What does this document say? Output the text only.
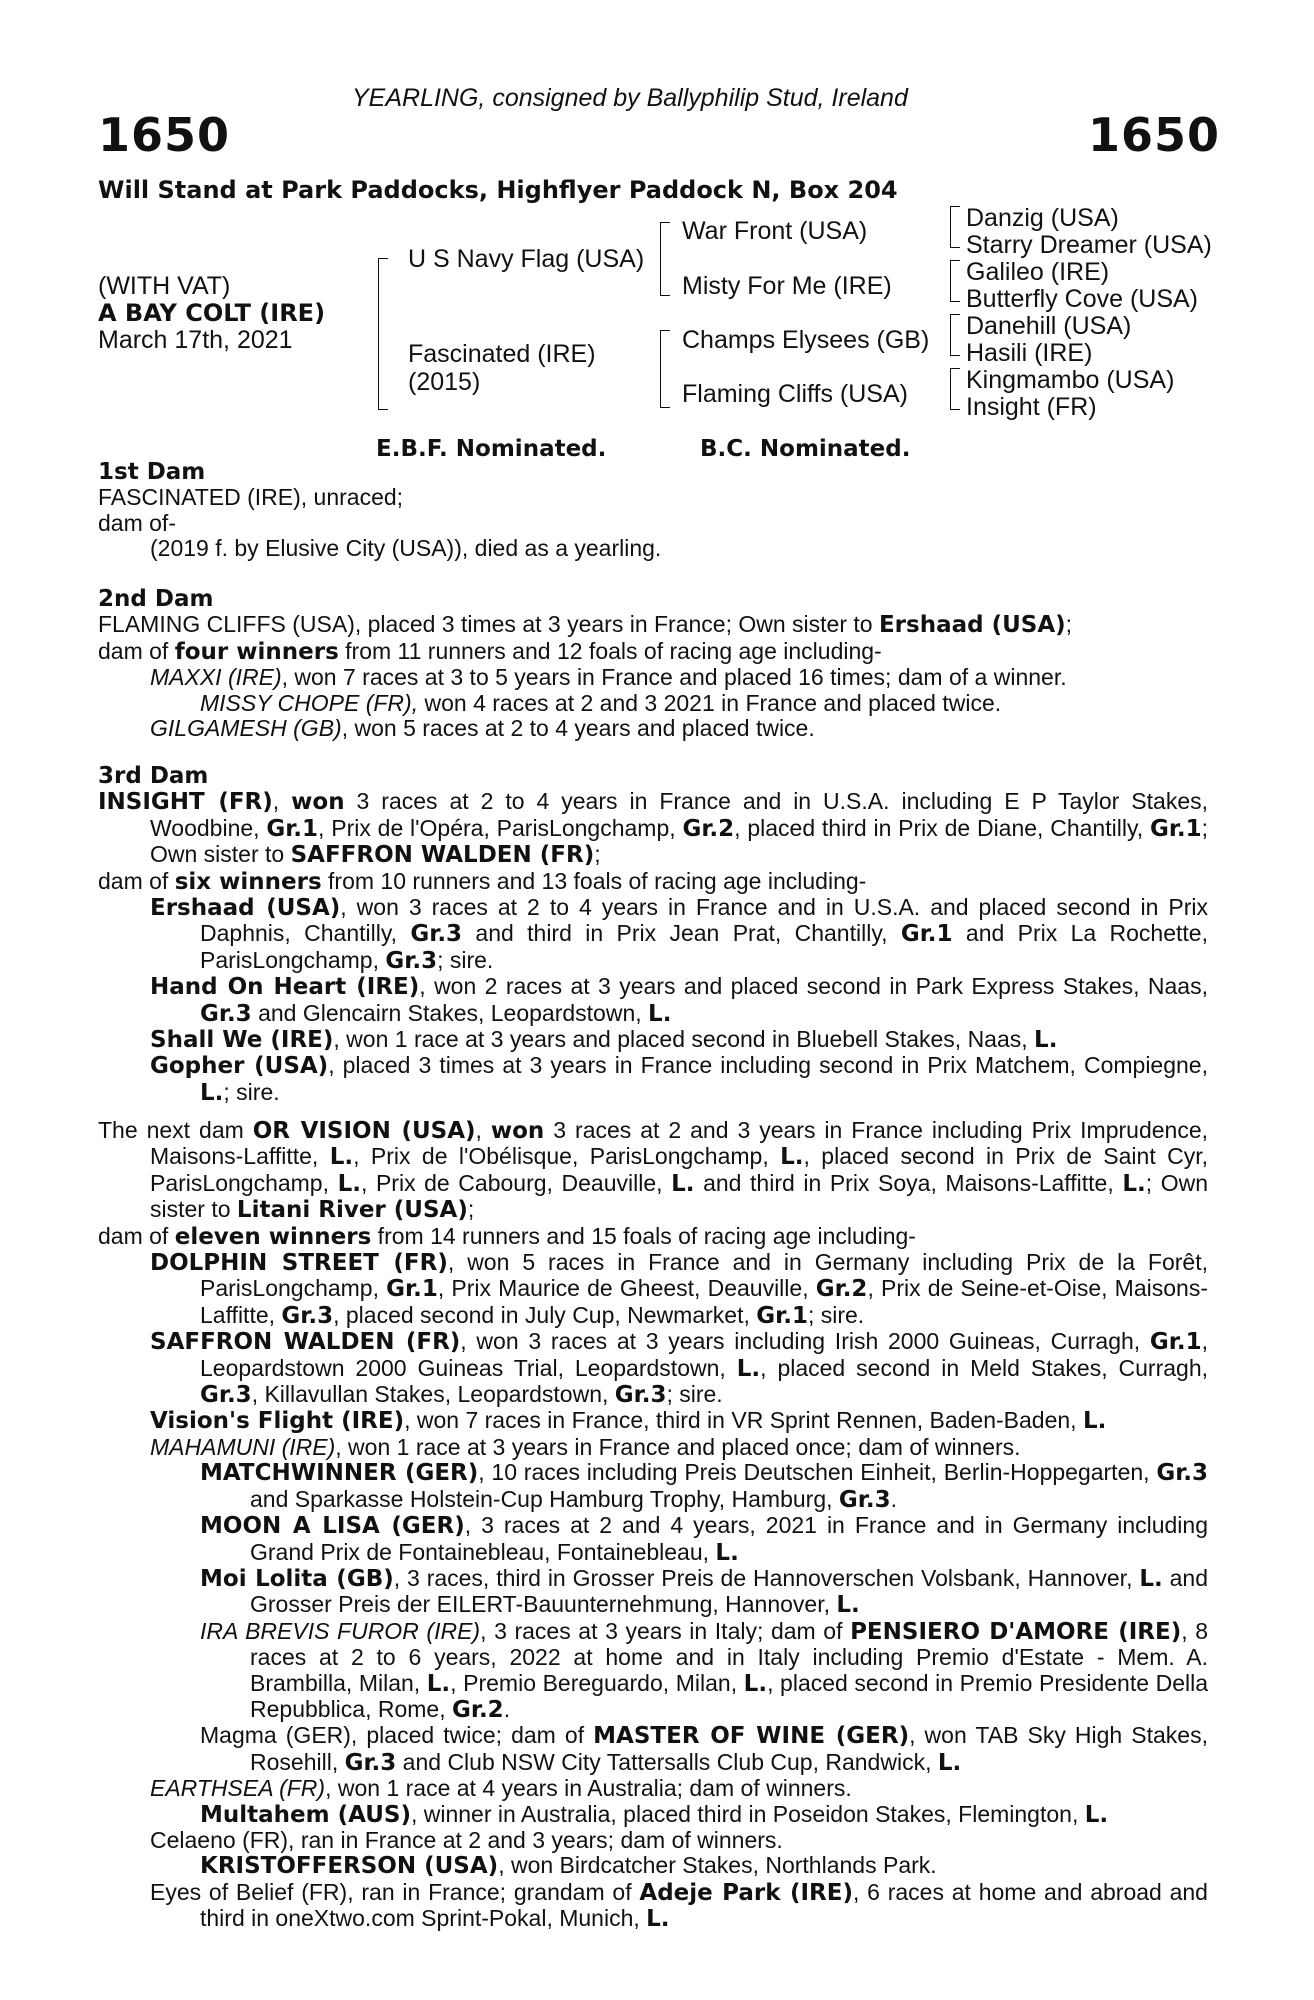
YEARLING, consigned by Ballyphilip Stud, Ireland
1650	1650
Will Stand at Park Paddocks, Highflyer Paddock N, Box 204
(WITH VAT)
A BAY COLT (IRE)
March 17th, 2021
U S Navy Flag (USA)
Fascinated (IRE)
(2015)
War Front (USA)
Misty For Me (IRE)
Champs Elysees (GB)
Flaming Cliffs (USA)
Danzig (USA)
Starry Dreamer (USA)
Galileo (IRE)
Butterfly Cove (USA)
Danehill (USA)
Hasili (IRE)
Kingmambo (USA)
Insight (FR)
E.B.F. Nominated.	B.C. Nominated.

1st Dam

FASCINATED (IRE), unraced;

dam of-

(2019 f. by Elusive City (USA)), died as a yearling.

2nd Dam

FLAMING CLIFFS (USA), placed 3 times at 3 years in France; Own sister to Ershaad (USA);

dam of four winners from 11 runners and 12 foals of racing age including-

MAXXI (IRE), won 7 races at 3 to 5 years in France and placed 16 times; dam of a winner.

MISSY CHOPE (FR), won 4 races at 2 and 3 2021 in France and placed twice.

GILGAMESH (GB), won 5 races at 2 to 4 years and placed twice.

3rd Dam

INSIGHT (FR), won 3 races at 2 to 4 years in France and in U.S.A. including E P Taylor Stakes, Woodbine, Gr.1, Prix de l'Opéra, ParisLongchamp, Gr.2, placed third in Prix de Diane, Chantilly, Gr.1; Own sister to SAFFRON WALDEN (FR);

dam of six winners from 10 runners and 13 foals of racing age including-

Ershaad (USA), won 3 races at 2 to 4 years in France and in U.S.A. and placed second in Prix Daphnis, Chantilly, Gr.3 and third in Prix Jean Prat, Chantilly, Gr.1 and Prix La Rochette, ParisLongchamp, Gr.3; sire.

Hand On Heart (IRE), won 2 races at 3 years and placed second in Park Express Stakes, Naas, Gr.3 and Glencairn Stakes, Leopardstown, L.

Shall We (IRE), won 1 race at 3 years and placed second in Bluebell Stakes, Naas, L.

Gopher (USA), placed 3 times at 3 years in France including second in Prix Matchem, Compiegne, L.; sire.

The next dam OR VISION (USA), won 3 races at 2 and 3 years in France including Prix Imprudence, Maisons-Laffitte, L., Prix de l'Obélisque, ParisLongchamp, L., placed second in Prix de Saint Cyr, ParisLongchamp, L., Prix de Cabourg, Deauville, L. and third in Prix Soya, Maisons-Laffitte, L.; Own sister to Litani River (USA);

dam of eleven winners from 14 runners and 15 foals of racing age including-

DOLPHIN STREET (FR), won 5 races in France and in Germany including Prix de la Forêt, ParisLongchamp, Gr.1, Prix Maurice de Gheest, Deauville, Gr.2, Prix de Seine-et-Oise, Maisons-Laffitte, Gr.3, placed second in July Cup, Newmarket, Gr.1; sire.

SAFFRON WALDEN (FR), won 3 races at 3 years including Irish 2000 Guineas, Curragh, Gr.1, Leopardstown 2000 Guineas Trial, Leopardstown, L., placed second in Meld Stakes, Curragh, Gr.3, Killavullan Stakes, Leopardstown, Gr.3; sire.

Vision's Flight (IRE), won 7 races in France, third in VR Sprint Rennen, Baden-Baden, L.

MAHAMUNI (IRE), won 1 race at 3 years in France and placed once; dam of winners.

MATCHWINNER (GER), 10 races including Preis Deutschen Einheit, Berlin-Hoppegarten, Gr.3 and Sparkasse Holstein-Cup Hamburg Trophy, Hamburg, Gr.3.

MOON A LISA (GER), 3 races at 2 and 4 years, 2021 in France and in Germany including Grand Prix de Fontainebleau, Fontainebleau, L.

Moi Lolita (GB), 3 races, third in Grosser Preis de Hannoverschen Volsbank, Hannover, L. and Grosser Preis der EILERT-Bauunternehmung, Hannover, L.

IRA BREVIS FUROR (IRE), 3 races at 3 years in Italy; dam of PENSIERO D'AMORE (IRE), 8 races at 2 to 6 years, 2022 at home and in Italy including Premio d'Estate - Mem. A. Brambilla, Milan, L., Premio Bereguardo, Milan, L., placed second in Premio Presidente Della Repubblica, Rome, Gr.2.

Magma (GER), placed twice; dam of MASTER OF WINE (GER), won TAB Sky High Stakes, Rosehill, Gr.3 and Club NSW City Tattersalls Club Cup, Randwick, L.

EARTHSEA (FR), won 1 race at 4 years in Australia; dam of winners.

Multahem (AUS), winner in Australia, placed third in Poseidon Stakes, Flemington, L.

Celaeno (FR), ran in France at 2 and 3 years; dam of winners.

KRISTOFFERSON (USA), won Birdcatcher Stakes, Northlands Park.

Eyes of Belief (FR), ran in France; grandam of Adeje Park (IRE), 6 races at home and abroad and third in oneXtwo.com Sprint-Pokal, Munich, L.
